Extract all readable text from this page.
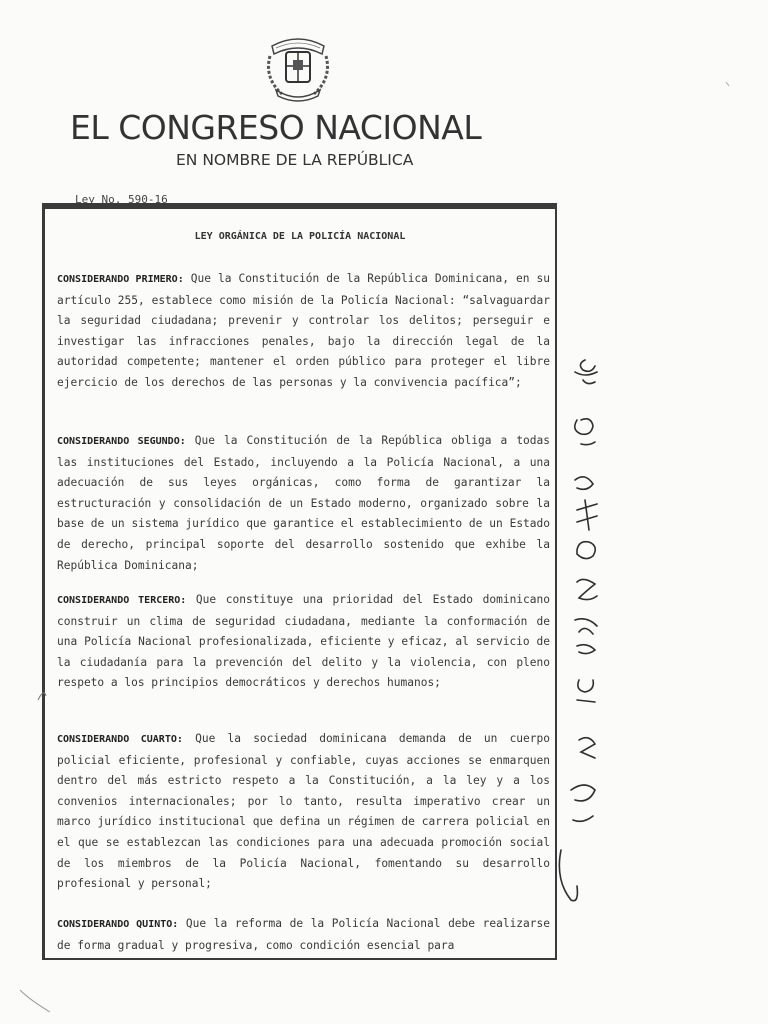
EL CONGRESO NACIONAL
EN NOMBRE DE LA REPÚBLICA
Ley No. 590-16
LEY ORGÁNICA DE LA POLICÍA NACIONAL
CONSIDERANDO PRIMERO: Que la Constitución de la República Dominicana, en su artículo 255, establece como misión de la Policía Nacional: “salvaguardar la seguridad ciudadana; prevenir y controlar los delitos; perseguir e investigar las infracciones penales, bajo la dirección legal de la autoridad competente; mantener el orden público para proteger el libre ejercicio de los derechos de las personas y la convivencia pacífica”;
CONSIDERANDO SEGUNDO: Que la Constitución de la República obliga a todas las instituciones del Estado, incluyendo a la Policía Nacional, a una adecuación de sus leyes orgánicas, como forma de garantizar la estructuración y consolidación de un Estado moderno, organizado sobre la base de un sistema jurídico que garantice el establecimiento de un Estado de derecho, principal soporte del desarrollo sostenido que exhibe la República Dominicana;
CONSIDERANDO TERCERO: Que constituye una prioridad del Estado dominicano construir un clima de seguridad ciudadana, mediante la conformación de una Policía Nacional profesionalizada, eficiente y eficaz, al servicio de la ciudadanía para la prevención del delito y la violencia, con pleno respeto a los principios democráticos y derechos humanos;
CONSIDERANDO CUARTO: Que la sociedad dominicana demanda de un cuerpo policial eficiente, profesional y confiable, cuyas acciones se enmarquen dentro del más estricto respeto a la Constitución, a la ley y a los convenios internacionales; por lo tanto, resulta imperativo crear un marco jurídico institucional que defina un régimen de carrera policial en el que se establezcan las condiciones para una adecuada promoción social de los miembros de la Policía Nacional, fomentando su desarrollo profesional y personal;
CONSIDERANDO QUINTO: Que la reforma de la Policía Nacional debe realizarse de forma gradual y progresiva, como condición esencial para
